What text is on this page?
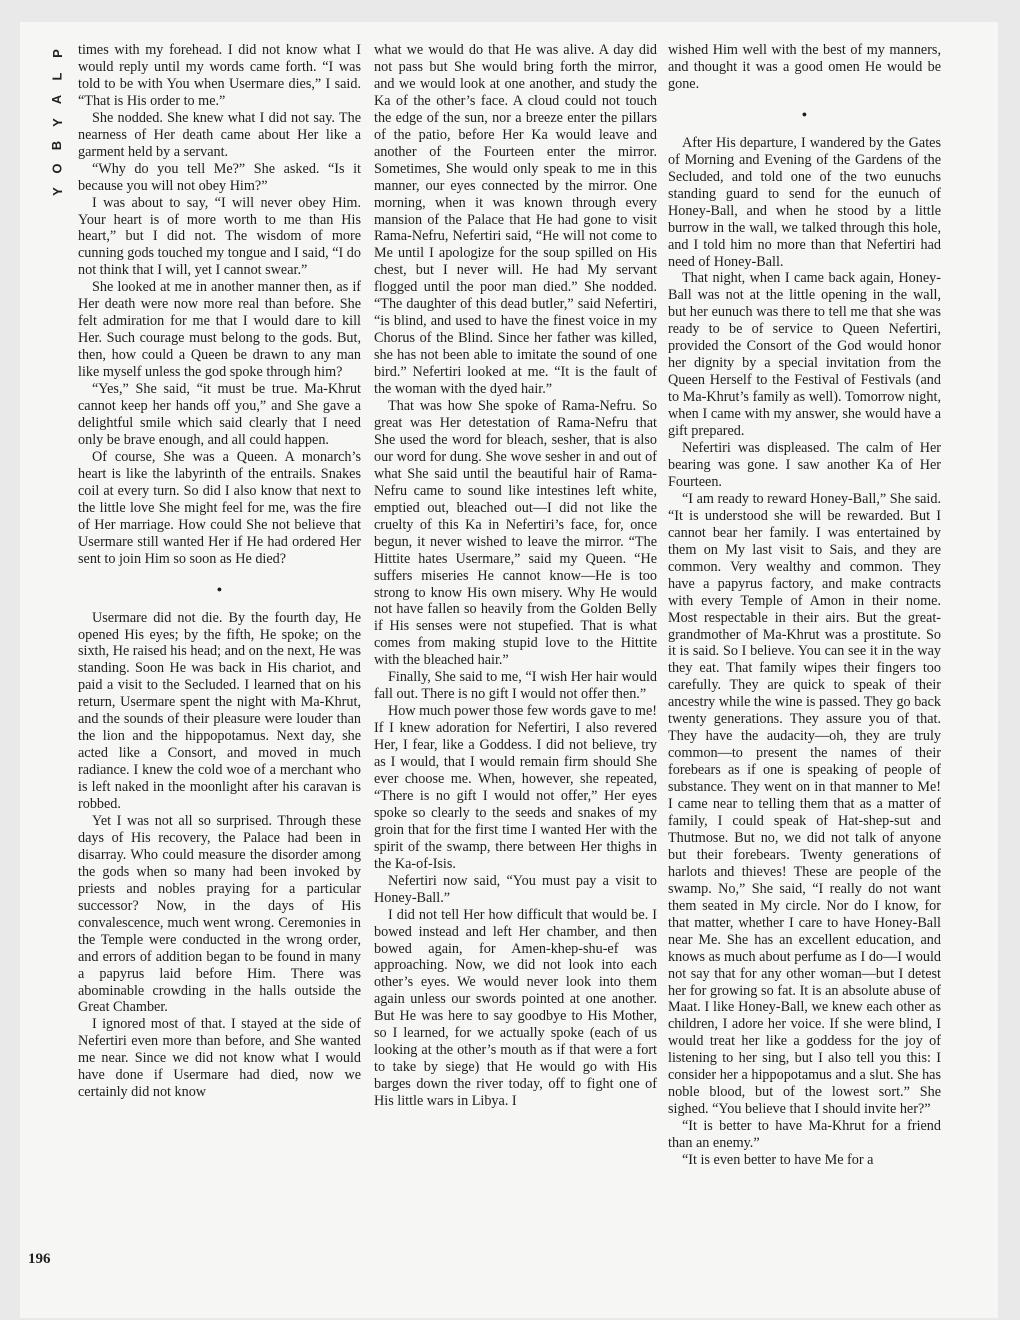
P
L
A
Y
B
O
Y

times with my forehead. I did not know what I would reply until my words came forth. “I was told to be with You when Usermare dies,” I said. “That is His order to me.”

She nodded. She knew what I did not say. The nearness of Her death came about Her like a garment held by a servant.

“Why do you tell Me?” She asked. “Is it because you will not obey Him?”

I was about to say, “I will never obey Him. Your heart is of more worth to me than His heart,” but I did not. The wisdom of more cunning gods touched my tongue and I said, “I do not think that I will, yet I cannot swear.”

She looked at me in another manner then, as if Her death were now more real than before. She felt admiration for me that I would dare to kill Her. Such courage must belong to the gods. But, then, how could a Queen be drawn to any man like myself unless the god spoke through him?

“Yes,” She said, “it must be true. Ma-Khrut cannot keep her hands off you,” and She gave a delightful smile which said clearly that I need only be brave enough, and all could happen.

Of course, She was a Queen. A monarch’s heart is like the labyrinth of the entrails. Snakes coil at every turn. So did I also know that next to the little love She might feel for me, was the fire of Her marriage. How could She not believe that Usermare still wanted Her if He had ordered Her sent to join Him so soon as He died?

●

Usermare did not die. By the fourth day, He opened His eyes; by the fifth, He spoke; on the sixth, He raised his head; and on the next, He was standing. Soon He was back in His chariot, and paid a visit to the Secluded. I learned that on his return, Usermare spent the night with Ma-Khrut, and the sounds of their pleasure were louder than the lion and the hippopotamus. Next day, she acted like a Consort, and moved in much radiance. I knew the cold woe of a merchant who is left naked in the moonlight after his caravan is robbed.

Yet I was not all so surprised. Through these days of His recovery, the Palace had been in disarray. Who could measure the disorder among the gods when so many had been invoked by priests and nobles praying for a particular successor? Now, in the days of His convalescence, much went wrong. Ceremonies in the Temple were conducted in the wrong order, and errors of addition began to be found in many a papyrus laid before Him. There was abominable crowding in the halls outside the Great Chamber.

I ignored most of that. I stayed at the side of Nefertiri even more than before, and She wanted me near. Since we did not know what I would have done if Usermare had died, now we certainly did not know

what we would do that He was alive. A day did not pass but She would bring forth the mirror, and we would look at one another, and study the Ka of the other’s face. A cloud could not touch the edge of the sun, nor a breeze enter the pillars of the patio, before Her Ka would leave and another of the Fourteen enter the mirror. Sometimes, She would only speak to me in this manner, our eyes connected by the mirror. One morning, when it was known through every mansion of the Palace that He had gone to visit Rama-Nefru, Nefertiri said, “He will not come to Me until I apologize for the soup spilled on His chest, but I never will. He had My servant flogged until the poor man died.” She nodded. “The daughter of this dead butler,” said Nefertiri, “is blind, and used to have the finest voice in my Chorus of the Blind. Since her father was killed, she has not been able to imitate the sound of one bird.” Nefertiri looked at me. “It is the fault of the woman with the dyed hair.”

That was how She spoke of Rama-Nefru. So great was Her detestation of Rama-Nefru that She used the word for bleach, sesher, that is also our word for dung. She wove sesher in and out of what She said until the beautiful hair of Rama-Nefru came to sound like intestines left white, emptied out, bleached out—I did not like the cruelty of this Ka in Nefertiri’s face, for, once begun, it never wished to leave the mirror. “The Hittite hates Usermare,” said my Queen. “He suffers miseries He cannot know—He is too strong to know His own misery. Why He would not have fallen so heavily from the Golden Belly if His senses were not stupefied. That is what comes from making stupid love to the Hittite with the bleached hair.”

Finally, She said to me, “I wish Her hair would fall out. There is no gift I would not offer then.”

How much power those few words gave to me! If I knew adoration for Nefertiri, I also revered Her, I fear, like a Goddess. I did not believe, try as I would, that I would remain firm should She ever choose me. When, however, she repeated, “There is no gift I would not offer,” Her eyes spoke so clearly to the seeds and snakes of my groin that for the first time I wanted Her with the spirit of the swamp, there between Her thighs in the Ka-of-Isis.

Nefertiri now said, “You must pay a visit to Honey-Ball.”

I did not tell Her how difficult that would be. I bowed instead and left Her chamber, and then bowed again, for Amen-khep-shu-ef was approaching. Now, we did not look into each other’s eyes. We would never look into them again unless our swords pointed at one another. But He was here to say goodbye to His Mother, so I learned, for we actually spoke (each of us looking at the other’s mouth as if that were a fort to take by siege) that He would go with His barges down the river today, off to fight one of His little wars in Libya. I

wished Him well with the best of my manners, and thought it was a good omen He would be gone.

●

After His departure, I wandered by the Gates of Morning and Evening of the Gardens of the Secluded, and told one of the two eunuchs standing guard to send for the eunuch of Honey-Ball, and when he stood by a little burrow in the wall, we talked through this hole, and I told him no more than that Nefertiri had need of Honey-Ball.

That night, when I came back again, Honey-Ball was not at the little opening in the wall, but her eunuch was there to tell me that she was ready to be of service to Queen Nefertiri, provided the Consort of the God would honor her dignity by a special invitation from the Queen Herself to the Festival of Festivals (and to Ma-Khrut’s family as well). Tomorrow night, when I came with my answer, she would have a gift prepared.

Nefertiri was displeased. The calm of Her bearing was gone. I saw another Ka of Her Fourteen.

“I am ready to reward Honey-Ball,” She said. “It is understood she will be rewarded. But I cannot bear her family. I was entertained by them on My last visit to Sais, and they are common. Very wealthy and common. They have a papyrus factory, and make contracts with every Temple of Amon in their nome. Most respectable in their airs. But the great-grandmother of Ma-Khrut was a prostitute. So it is said. So I believe. You can see it in the way they eat. That family wipes their fingers too carefully. They are quick to speak of their ancestry while the wine is passed. They go back twenty generations. They assure you of that. They have the audacity—oh, they are truly common—to present the names of their forebears as if one is speaking of people of substance. They went on in that manner to Me! I came near to telling them that as a matter of family, I could speak of Hat-shep-sut and Thutmose. But no, we did not talk of anyone but their forebears. Twenty generations of harlots and thieves! These are people of the swamp. No,” She said, “I really do not want them seated in My circle. Nor do I know, for that matter, whether I care to have Honey-Ball near Me. She has an excellent education, and knows as much about perfume as I do—I would not say that for any other woman—but I detest her for growing so fat. It is an absolute abuse of Maat. I like Honey-Ball, we knew each other as children, I adore her voice. If she were blind, I would treat her like a goddess for the joy of listening to her sing, but I also tell you this: I consider her a hippopotamus and a slut. She has noble blood, but of the lowest sort.” She sighed. “You believe that I should invite her?”

“It is better to have Ma-Khrut for a friend than an enemy.”

“It is even better to have Me for a

196
